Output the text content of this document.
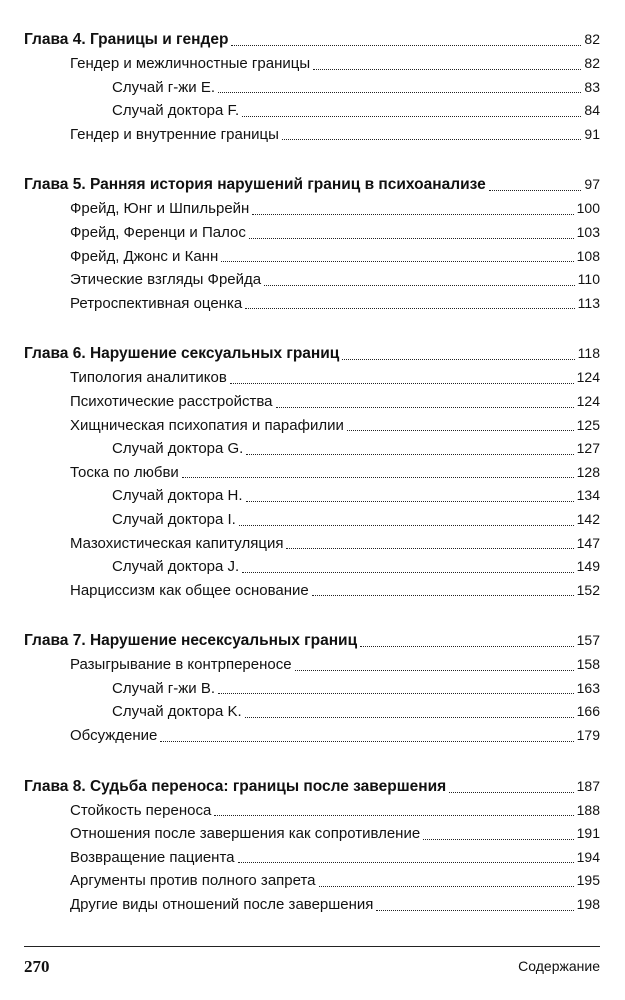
Глава 4. Границы и гендер	82
Гендер и межличностные границы	82
Случай г-жи E.	83
Случай доктора F.	84
Гендер и внутренние границы	91
Глава 5. Ранняя история нарушений границ в психоанализе	97
Фрейд, Юнг и Шпильрейн	100
Фрейд, Ференци и Палос	103
Фрейд, Джонс и Канн	108
Этические взгляды Фрейда	110
Ретроспективная оценка	113
Глава 6. Нарушение сексуальных границ	118
Типология аналитиков	124
Психотические расстройства	124
Хищническая психопатия и парафилии	125
Случай доктора G.	127
Тоска по любви	128
Случай доктора H.	134
Случай доктора I.	142
Мазохистическая капитуляция	147
Случай доктора J.	149
Нарциссизм как общее основание	152
Глава 7. Нарушение несексуальных границ	157
Разыгрывание в контрпереносе	158
Случай г-жи B.	163
Случай доктора K.	166
Обсуждение	179
Глава 8. Судьба переноса: границы после завершения	187
Стойкость переноса	188
Отношения после завершения как сопротивление	191
Возвращение пациента	194
Аргументы против полного запрета	195
Другие виды отношений после завершения	198
270	Содержание
